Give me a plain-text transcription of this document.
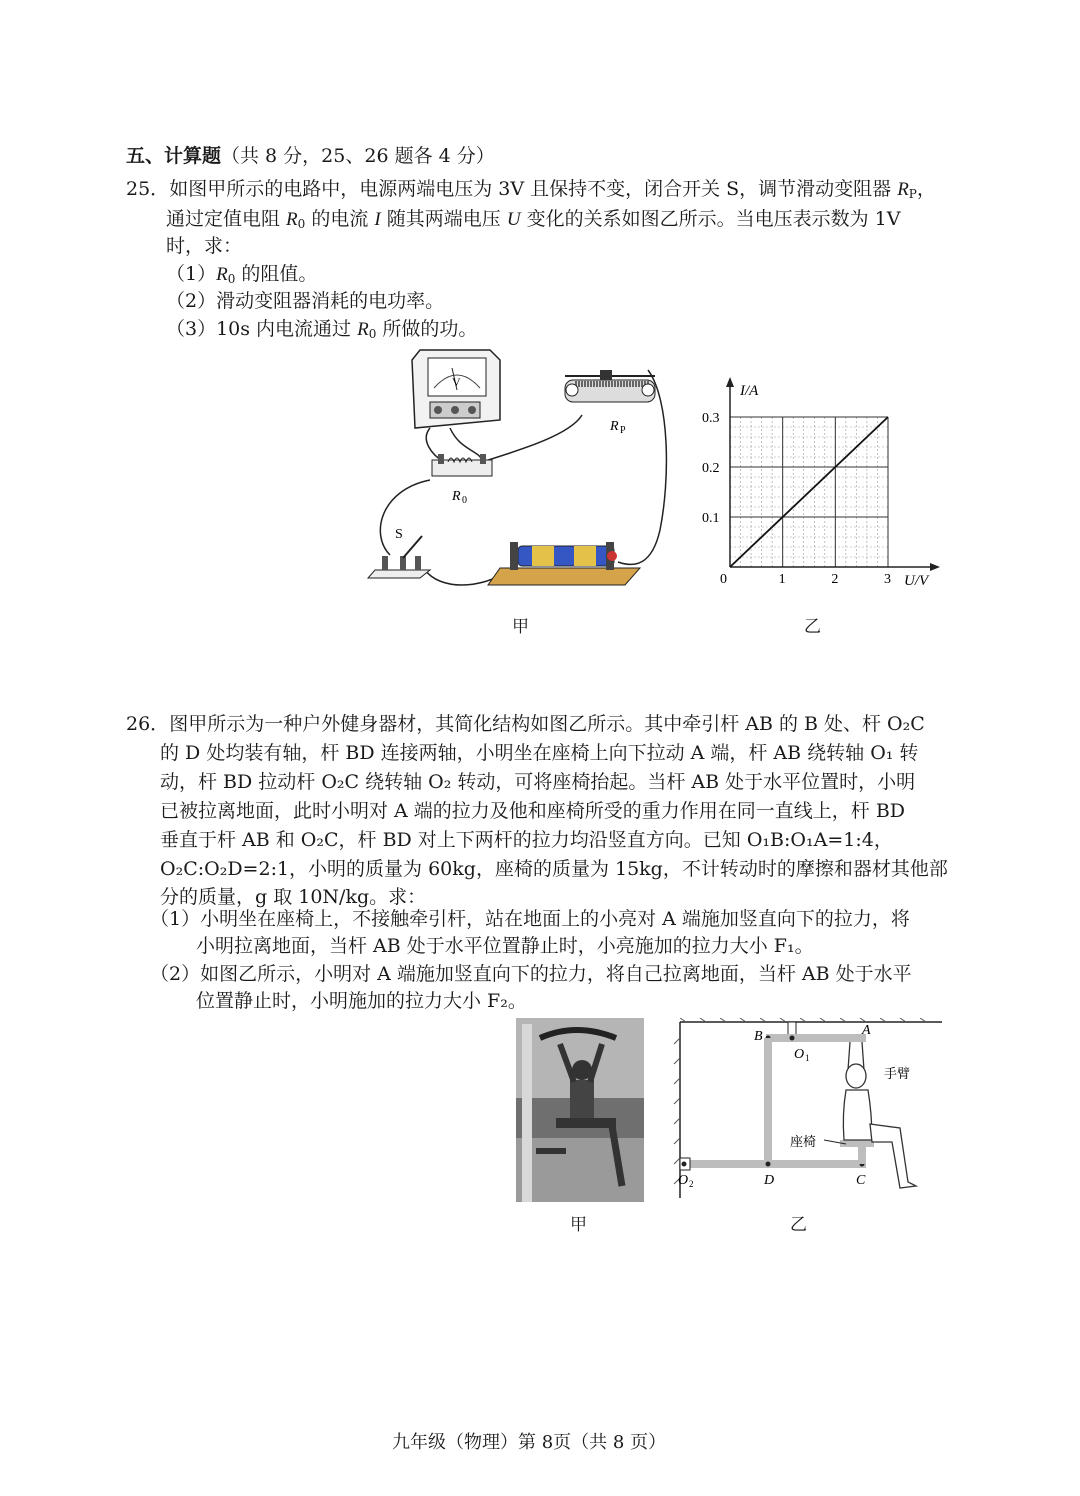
五、计算题（共 8 分，25、26 题各 4 分）
25．如图甲所示的电路中，电源两端电压为 3V 且保持不变，闭合开关 S，调节滑动变阻器 $R_P$，
通过定值电阻 $R_0$ 的电流 I 随其两端电压 U 变化的关系如图乙所示。当电压表示数为 1V
时，求：
$(1)R_0$ 的阻值。
（2）滑动变阻器消耗的电功率。
（3）10s 内电流通过 $R_0$ 所做的功。
V
R 0
R P
S
甲
0	1	2	3
0.1
0.2
0.3
I/A
U/V
乙
26．图甲所示为一种户外健身器材，其简化结构如图乙所示。其中牵引杆 AB 的 B 处、杆 O₂C
的 D 处均装有轴，杆 BD 连接两轴，小明坐在座椅上向下拉动 A 端，杆 AB 绕转轴 O₁ 转
动，杆 BD 拉动杆 O₂C 绕转轴 O₂ 转动，可将座椅抬起。当杆 AB 处于水平位置时，小明
已被拉离地面，此时小明对 A 端的拉力及他和座椅所受的重力作用在同一直线上，杆 BD
垂直于杆 AB 和 O₂C，杆 BD 对上下两杆的拉力均沿竖直方向。已知 O₁B:O₁A=1:4，
O₂C:O₂D=2:1，小明的质量为 60kg，座椅的质量为 15kg，不计转动时的摩擦和器材其他部
分的质量，g 取 10N/kg。求：
（1）小明坐在座椅上，不接触牵引杆，站在地面上的小亮对 A 端施加竖直向下的拉力，将
小明拉离地面，当杆 AB 处于水平位置静止时，小亮施加的拉力大小 F₁。
（2）如图乙所示，小明对 A 端施加竖直向下的拉力，将自己拉离地面，当杆 AB 处于水平
位置静止时，小明施加的拉力大小 F₂。
甲
B	A
O 1
O 2	D	C
手臂
座椅
乙
九年级（物理）第 8页（共 8 页）
